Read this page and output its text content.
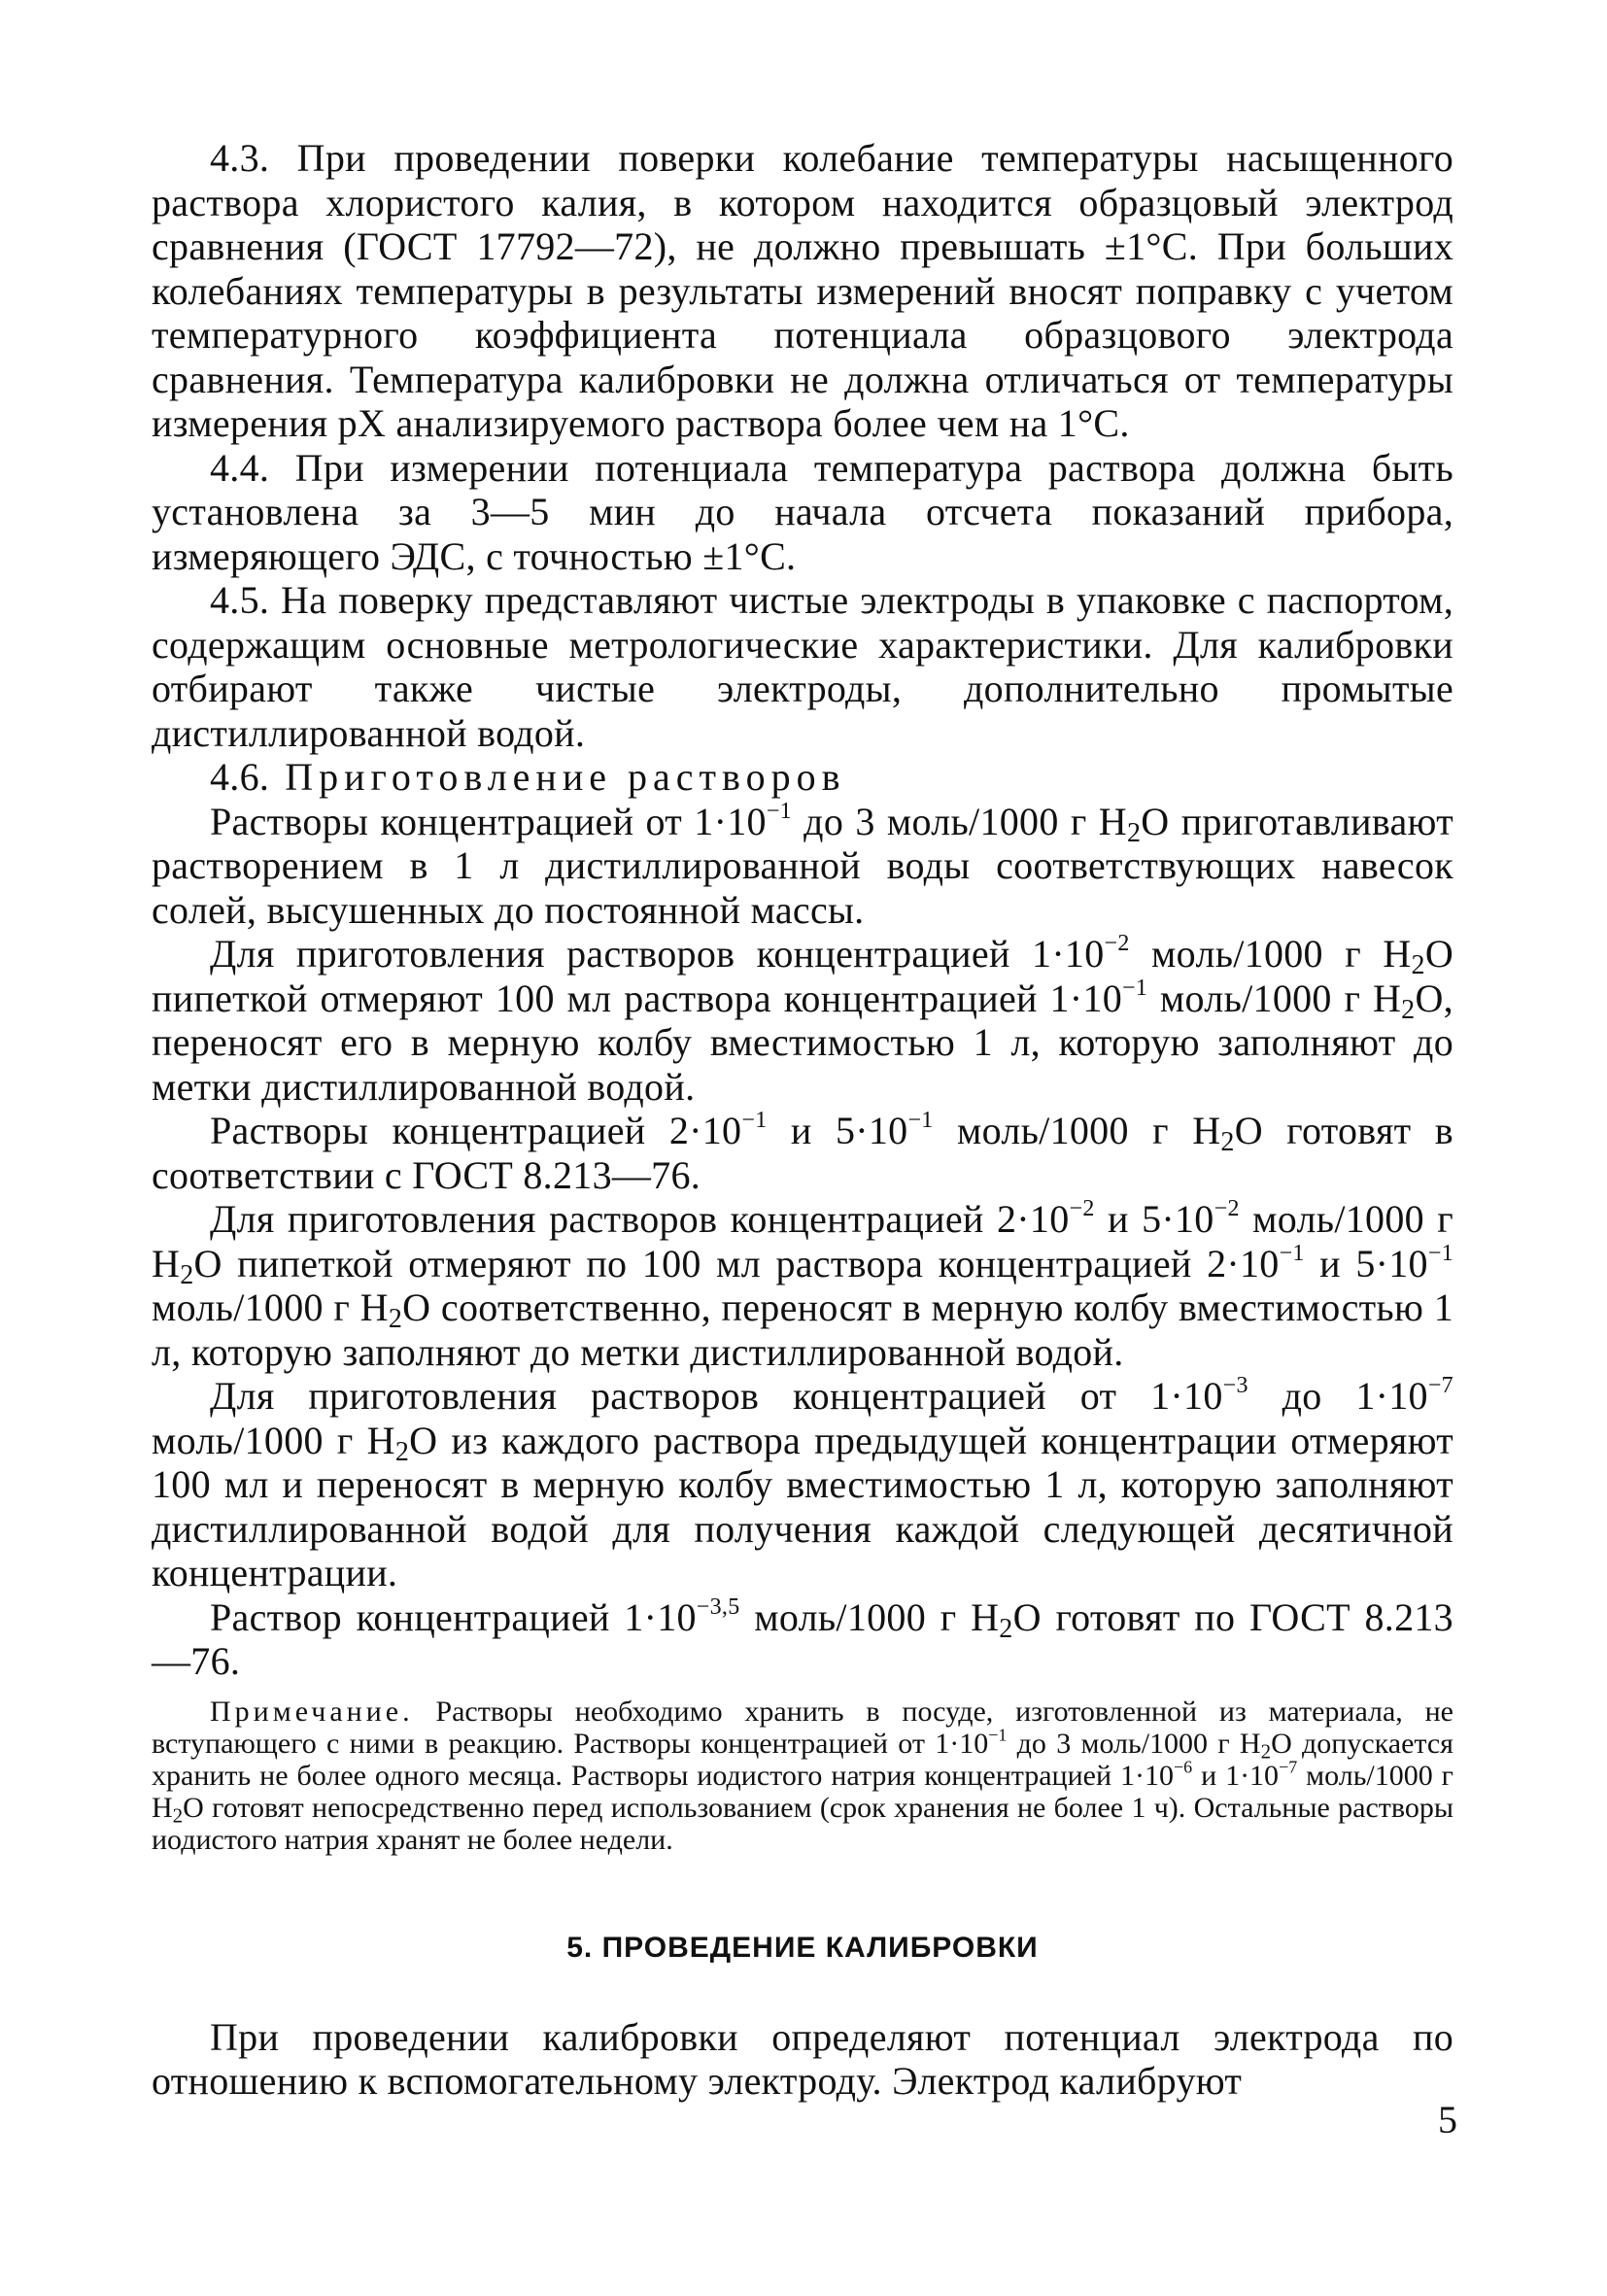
4.3. При проведении поверки колебание температуры насыщенного раствора хлористого калия, в котором находится образцовый электрод сравнения (ГОСТ 17792—72), не должно превышать ±1°С. При больших колебаниях температуры в результаты измерений вносят поправку с учетом температурного коэффициента потенциала образцового электрода сравнения. Температура калибровки не должна отличаться от температуры измерения pX анализируемого раствора более чем на 1°С.

4.4. При измерении потенциала температура раствора должна быть установлена за 3—5 мин до начала отсчета показаний прибора, измеряющего ЭДС, с точностью ±1°С.

4.5. На поверку представляют чистые электроды в упаковке с паспортом, содержащим основные метрологические характеристики. Для калибровки отбирают также чистые электроды, дополнительно промытые дистиллированной водой.

4.6. Приготовление растворов

Растворы концентрацией от $1\cdot 10^{-1}$ до 3 моль/1000 г $H_2O$ приготавливают растворением в 1 л дистиллированной воды соответствующих навесок солей, высушенных до постоянной массы.

Для приготовления растворов концентрацией $1\cdot 10^{-2}$ моль/1000 г $H_2O$ пипеткой отмеряют 100 мл раствора концентрацией $1\cdot 10^{-1}$ моль/1000 г $H_2O$, переносят его в мерную колбу вместимостью 1 л, которую заполняют до метки дистиллированной водой.

Растворы концентрацией $2\cdot 10^{-1}$ и $5\cdot 10^{-1}$ моль/1000 г $H_2O$ готовят в соответствии с ГОСТ 8.213—76.

Для приготовления растворов концентрацией $2\cdot 10^{-2}$ и $5\cdot 10^{-2}$ моль/1000 г $H_2O$ пипеткой отмеряют по 100 мл раствора концентрацией $2\cdot 10^{-1}$ и $5\cdot 10^{-1}$ моль/1000 г $H_2O$ соответственно, переносят в мерную колбу вместимостью 1 л, которую заполняют до метки дистиллированной водой.

Для приготовления растворов концентрацией от $1\cdot 10^{-3}$ до $1\cdot 10^{-7}$ моль/1000 г $H_2O$ из каждого раствора предыдущей концентрации отмеряют 100 мл и переносят в мерную колбу вместимостью 1 л, которую заполняют дистиллированной водой для получения каждой следующей десятичной концентрации.

Раствор концентрацией $1\cdot 10^{-3,5}$ моль/1000 г $H_2O$ готовят по ГОСТ 8.213—76.

Примечание. Растворы необходимо хранить в посуде, изготовленной из материала, не вступающего с ними в реакцию. Растворы концентрацией от $1\cdot 10^{-1}$ до 3 моль/1000 г $H_2O$ допускается хранить не более одного месяца. Растворы иодистого натрия концентрацией $1\cdot 10^{-6}$ и $1\cdot 10^{-7}$ моль/1000 г $H_2O$ готовят непосредственно перед использованием (срок хранения не более 1 ч). Остальные растворы иодистого натрия хранят не более недели.

5. ПРОВЕДЕНИЕ КАЛИБРОВКИ

При проведении калибровки определяют потенциал электрода по отношению к вспомогательному электроду. Электрод калибруют

5
